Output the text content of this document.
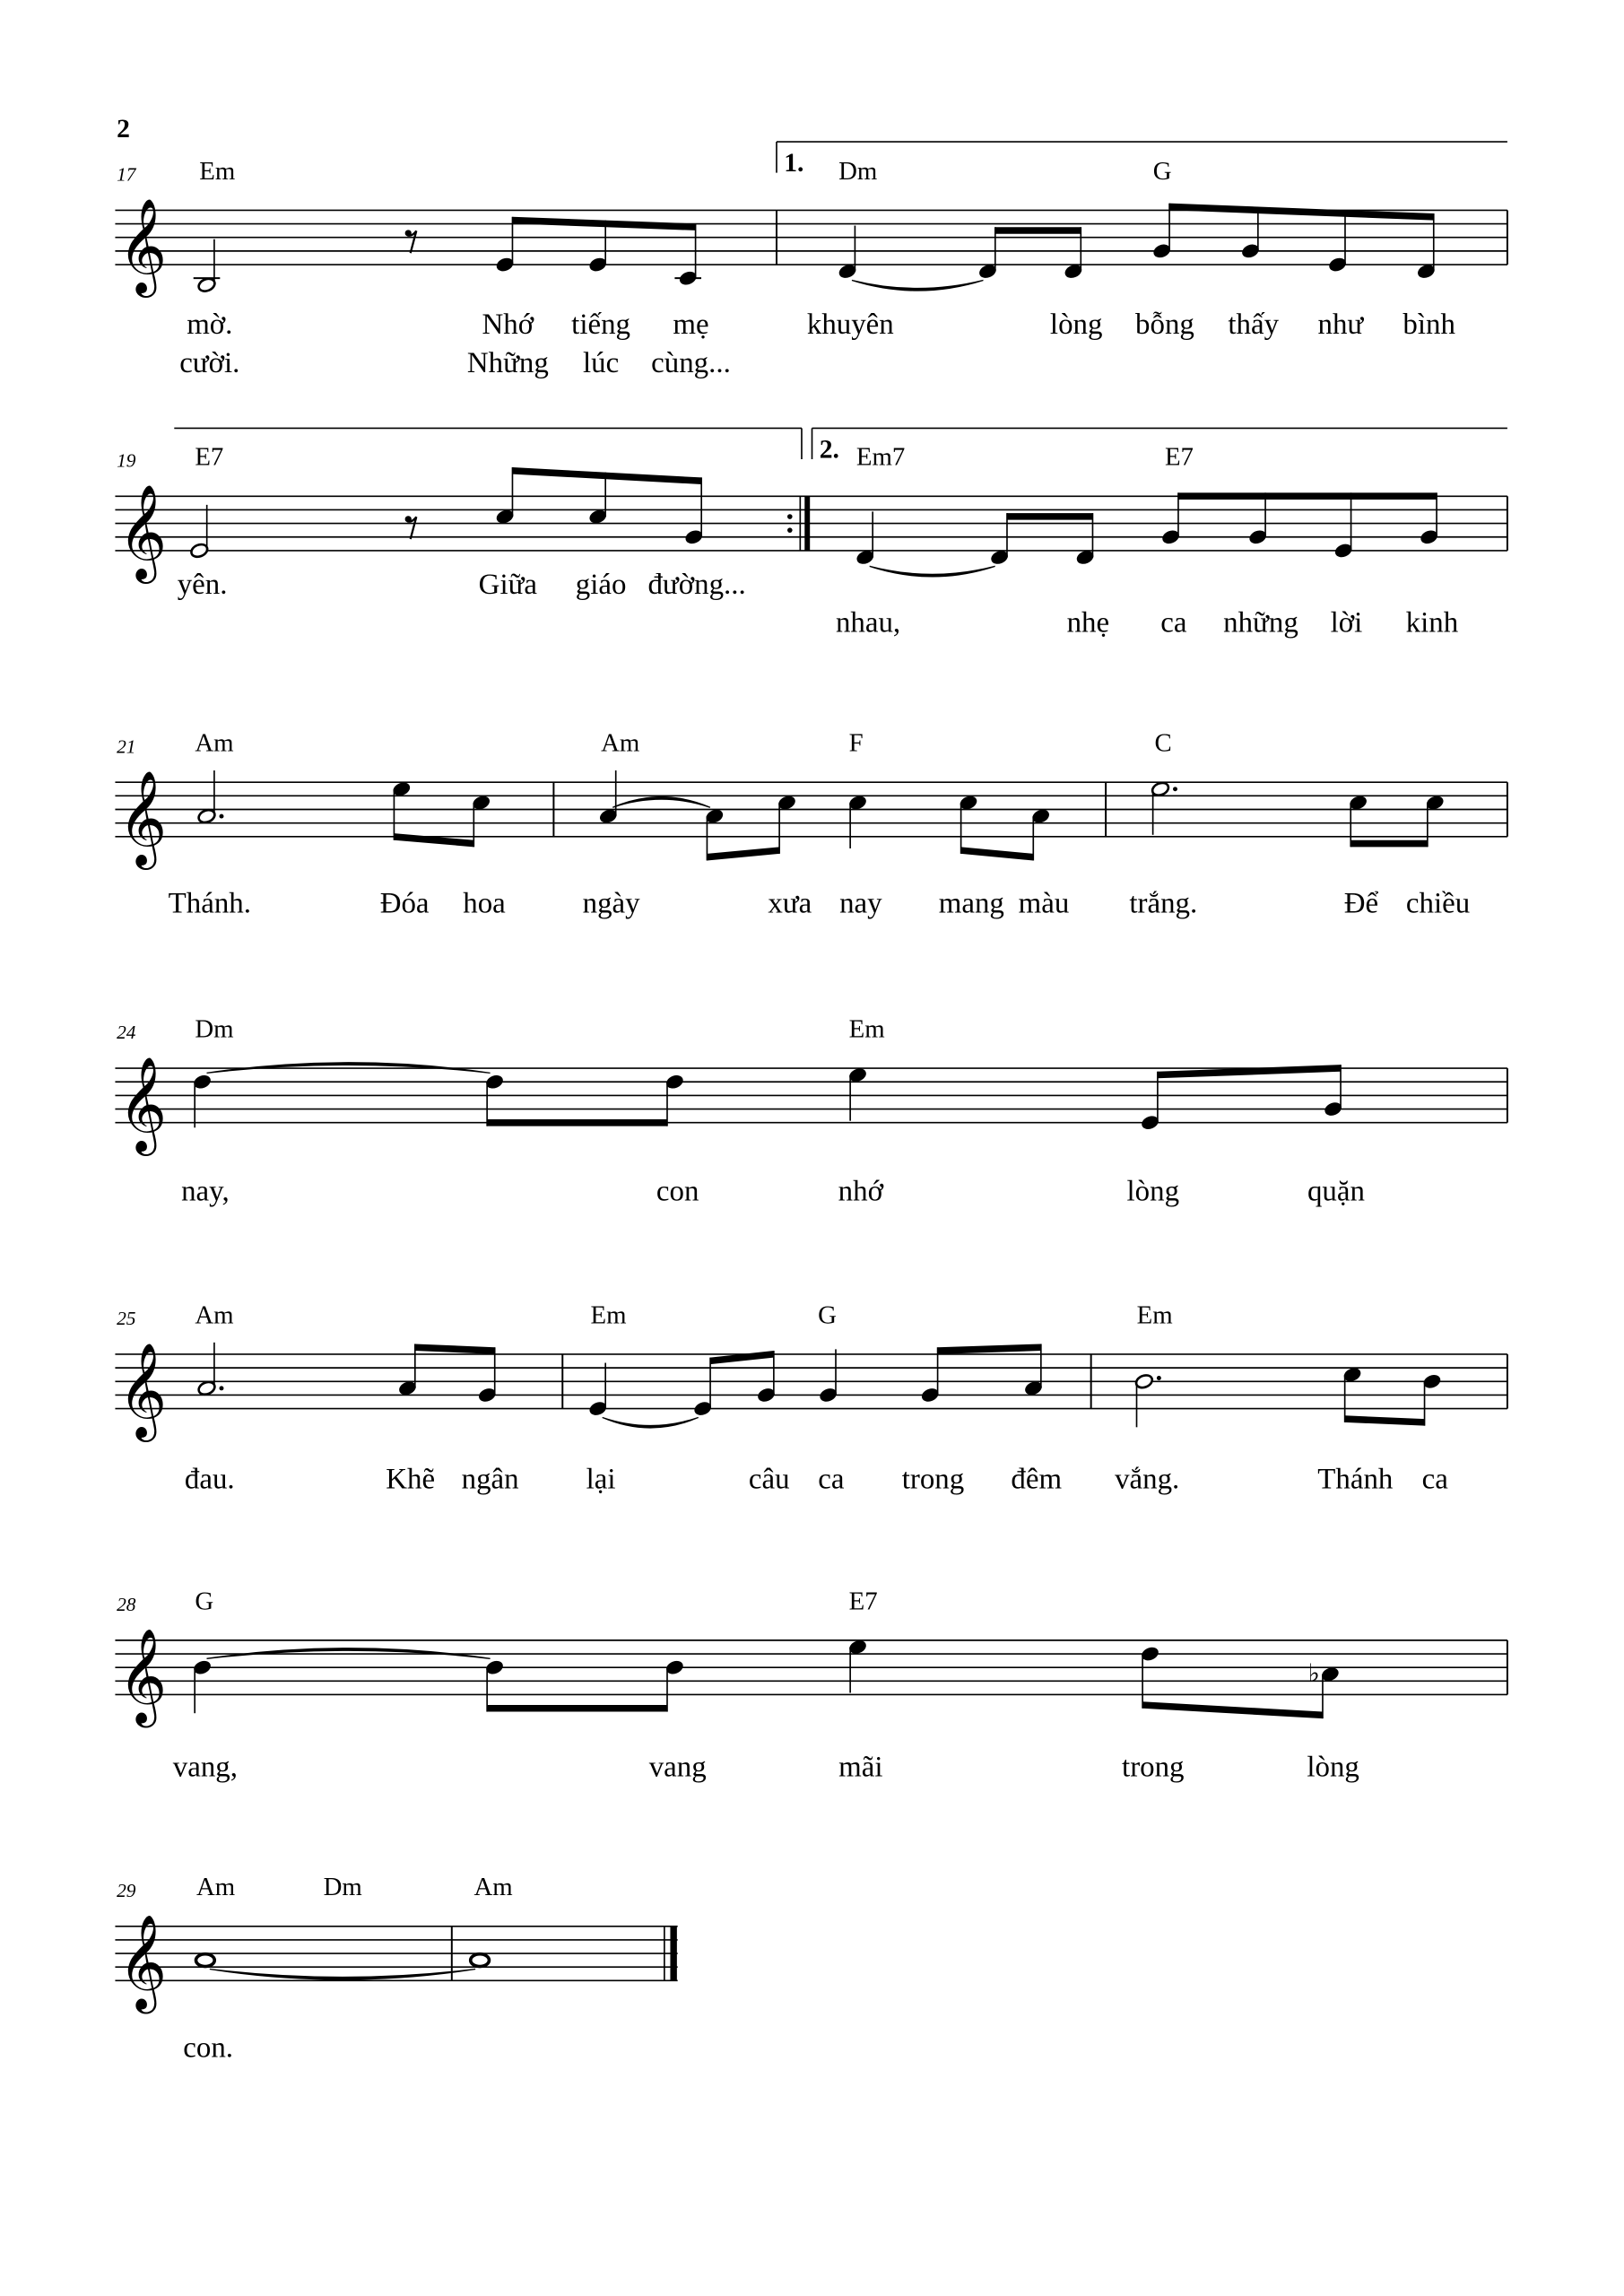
2
𝄞
17	Em	Dm	G
1.
mờ.
cười.
Nhớ
Những
tiếng
lúc
mẹ
cùng...
khuyên	lòng bỗng thấy như bình
𝄞
19	E7	Em7	E7
2.
yên.	Giữa giáo đường...
nhau,	nhẹ	ca những lời kinh
𝄞
21	Am	Am	F	C
Thánh.	Đóa hoa	ngày	xưa nay	mang màu	trắng.	Để chiều
𝄞
24	Dm	Em
nay,	con	nhớ	lòng	quặn
𝄞
25	Am	Em	G	Em
đau.	Khẽ ngân	lại	câu ca	trong	đêm	vắng.	Thánh ca
𝄞
28	G	E7
vang,	vang	mãi	trong
♭
lòng
𝄞
29	Am	Dm	Am
con.
